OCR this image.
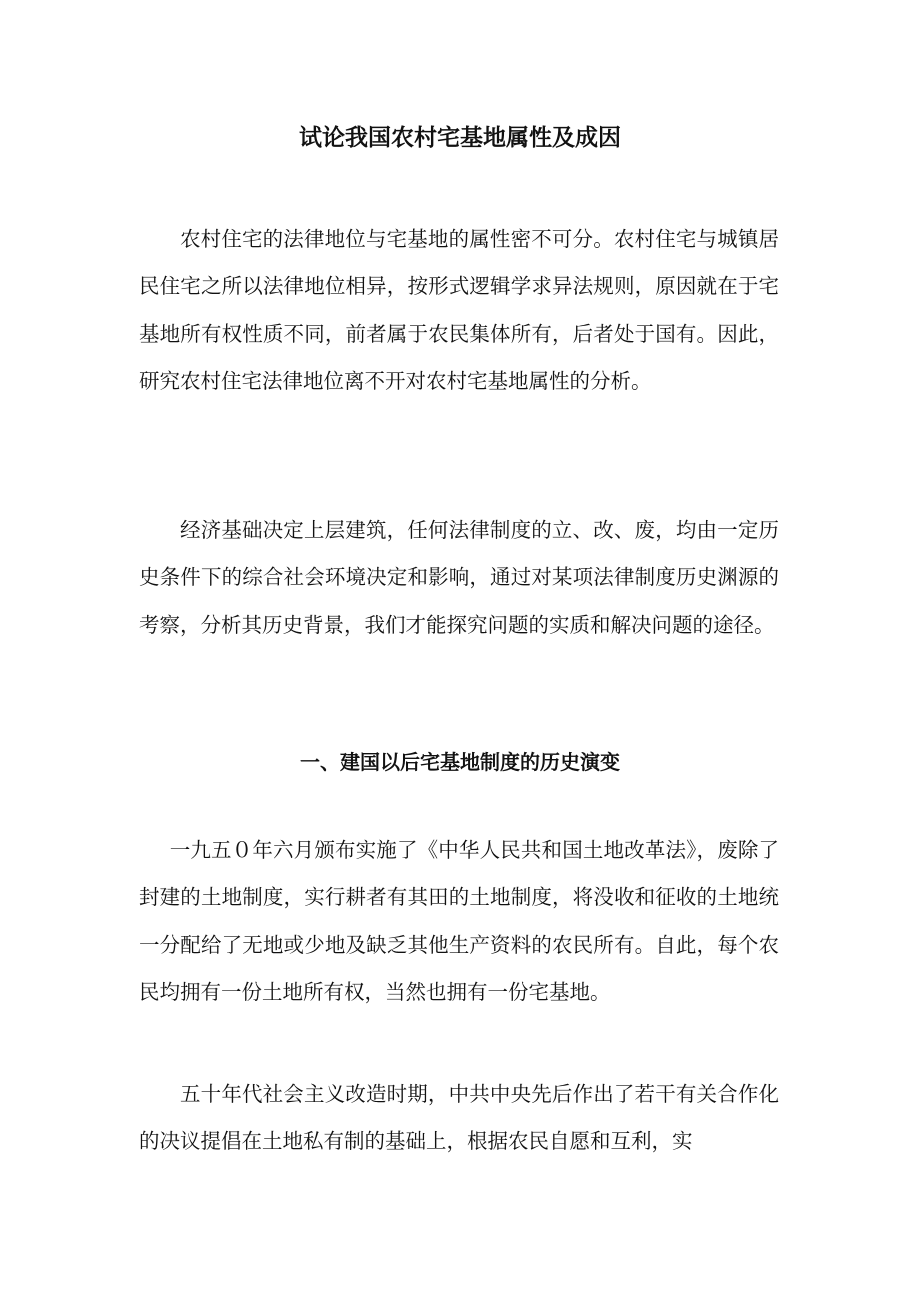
试论我国农村宅基地属性及成因

农村住宅的法律地位与宅基地的属性密不可分。农村住宅与城镇居民住宅之所以法律地位相异，按形式逻辑学求异法规则，原因就在于宅基地所有权性质不同，前者属于农民集体所有，后者处于国有。因此，研究农村住宅法律地位离不开对农村宅基地属性的分析。

经济基础决定上层建筑，任何法律制度的立、改、废，均由一定历史条件下的综合社会环境决定和影响，通过对某项法律制度历史渊源的考察，分析其历史背景，我们才能探究问题的实质和解决问题的途径。

一、建国以后宅基地制度的历史演变

一九五０年六月颁布实施了《中华人民共和国土地改革法》，废除了封建的土地制度，实行耕者有其田的土地制度，将没收和征收的土地统一分配给了无地或少地及缺乏其他生产资料的农民所有。自此，每个农民均拥有一份土地所有权，当然也拥有一份宅基地。

五十年代社会主义改造时期，中共中央先后作出了若干有关合作化的决议提倡在土地私有制的基础上，根据农民自愿和互利，实
